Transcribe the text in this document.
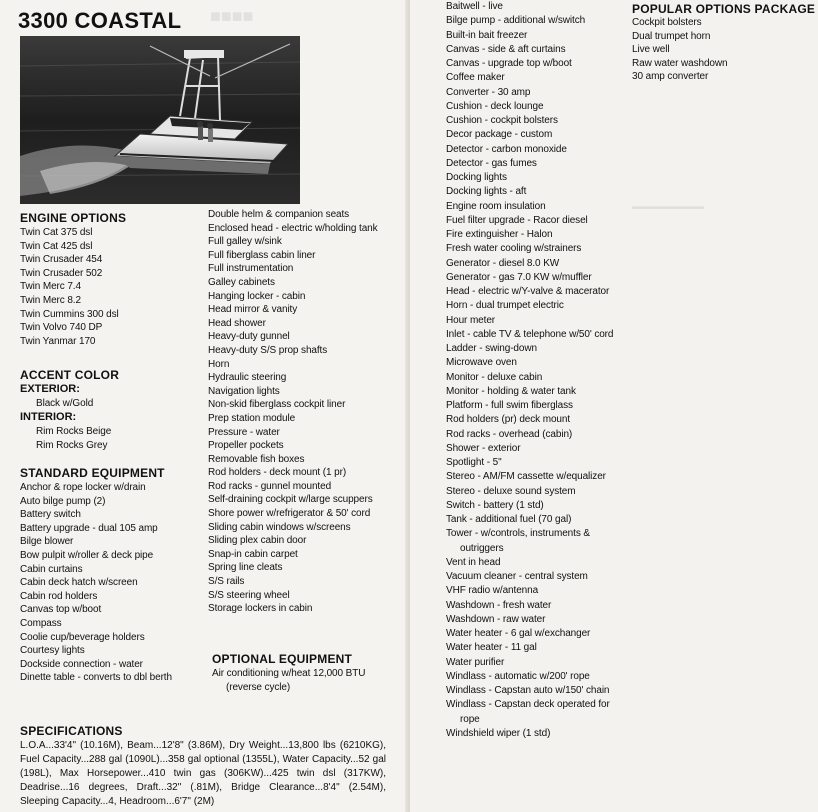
■■■■
3300 COASTAL
ENGINE OPTIONS
Twin Cat 375 dsl
Twin Cat 425 dsl
Twin Crusader 454
Twin Crusader 502
Twin Merc 7.4
Twin Merc 8.2
Twin Cummins 300 dsl
Twin Volvo 740 DP
Twin Yanmar 170
ACCENT COLOR
EXTERIOR:
Black w/Gold
INTERIOR:
Rim Rocks Beige
Rim Rocks Grey
STANDARD EQUIPMENT
Anchor & rope locker w/drain
Auto bilge pump (2)
Battery switch
Battery upgrade - dual 105 amp
Bilge blower
Bow pulpit w/roller & deck pipe
Cabin curtains
Cabin deck hatch w/screen
Cabin rod holders
Canvas top w/boot
Compass
Coolie cup/beverage holders
Courtesy lights
Dockside connection - water
Dinette table - converts to dbl berth
Double helm & companion seats
Enclosed head - electric w/holding tank
Full galley w/sink
Full fiberglass cabin liner
Full instrumentation
Galley cabinets
Hanging locker - cabin
Head mirror & vanity
Head shower
Heavy-duty gunnel
Heavy-duty S/S prop shafts
Horn
Hydraulic steering
Navigation lights
Non-skid fiberglass cockpit liner
Prep station module
Pressure - water
Propeller pockets
Removable fish boxes
Rod holders - deck mount (1 pr)
Rod racks - gunnel mounted
Self-draining cockpit w/large scuppers
Shore power w/refrigerator & 50' cord
Sliding cabin windows w/screens
Sliding plex cabin door
Snap-in cabin carpet
Spring line cleats
S/S rails
S/S steering wheel
Storage lockers in cabin
OPTIONAL EQUIPMENT
Air conditioning w/heat 12,000 BTU
(reverse cycle)
SPECIFICATIONS

L.O.A...33'4" (10.16M), Beam...12'8" (3.86M), Dry Weight...13,800 lbs (6210KG), Fuel Capacity...288 gal (1090L)...358 gal optional (1355L), Water Capacity...52 gal (198L), Max Horsepower...410 twin gas (306KW)...425 twin dsl (317KW), Deadrise...16 degrees, Draft...32" (.81M), Bridge Clearance...8'4" (2.54M), Sleeping Capacity...4, Headroom...6'7" (2M)

Baitwell - live
Bilge pump - additional w/switch
Built-in bait freezer
Canvas - side & aft curtains
Canvas - upgrade top w/boot
Coffee maker
Converter - 30 amp
Cushion - deck lounge
Cushion - cockpit bolsters
Decor package - custom
Detector - carbon monoxide
Detector - gas fumes
Docking lights
Docking lights - aft
Engine room insulation
Fuel filter upgrade - Racor diesel
Fire extinguisher - Halon
Fresh water cooling w/strainers
Generator - diesel 8.0 KW
Generator - gas 7.0 KW w/muffler
Head - electric w/Y-valve & macerator
Horn - dual trumpet electric
Hour meter
Inlet - cable TV & telephone w/50' cord
Ladder - swing-down
Microwave oven
Monitor - deluxe cabin
Monitor - holding & water tank
Platform - full swim fiberglass
Rod holders (pr) deck mount
Rod racks - overhead (cabin)
Shower - exterior
Spotlight - 5"
Stereo - AM/FM cassette w/equalizer
Stereo - deluxe sound system
Switch - battery (1 std)
Tank - additional fuel (70 gal)
Tower - w/controls, instruments &
outriggers
Vent in head
Vacuum cleaner - central system
VHF radio w/antenna
Washdown - fresh water
Washdown - raw water
Water heater - 6 gal w/exchanger
Water heater - 11 gal
Water purifier
Windlass - automatic w/200' rope
Windlass - Capstan auto w/150' chain
Windlass - Capstan deck operated for
rope
Windshield wiper (1 std)
POPULAR OPTIONS PACKAGE
Cockpit bolsters
Dual trumpet horn
Live well
Raw water washdown
30 amp converter
▬▬▬▬▬▬▬▬
